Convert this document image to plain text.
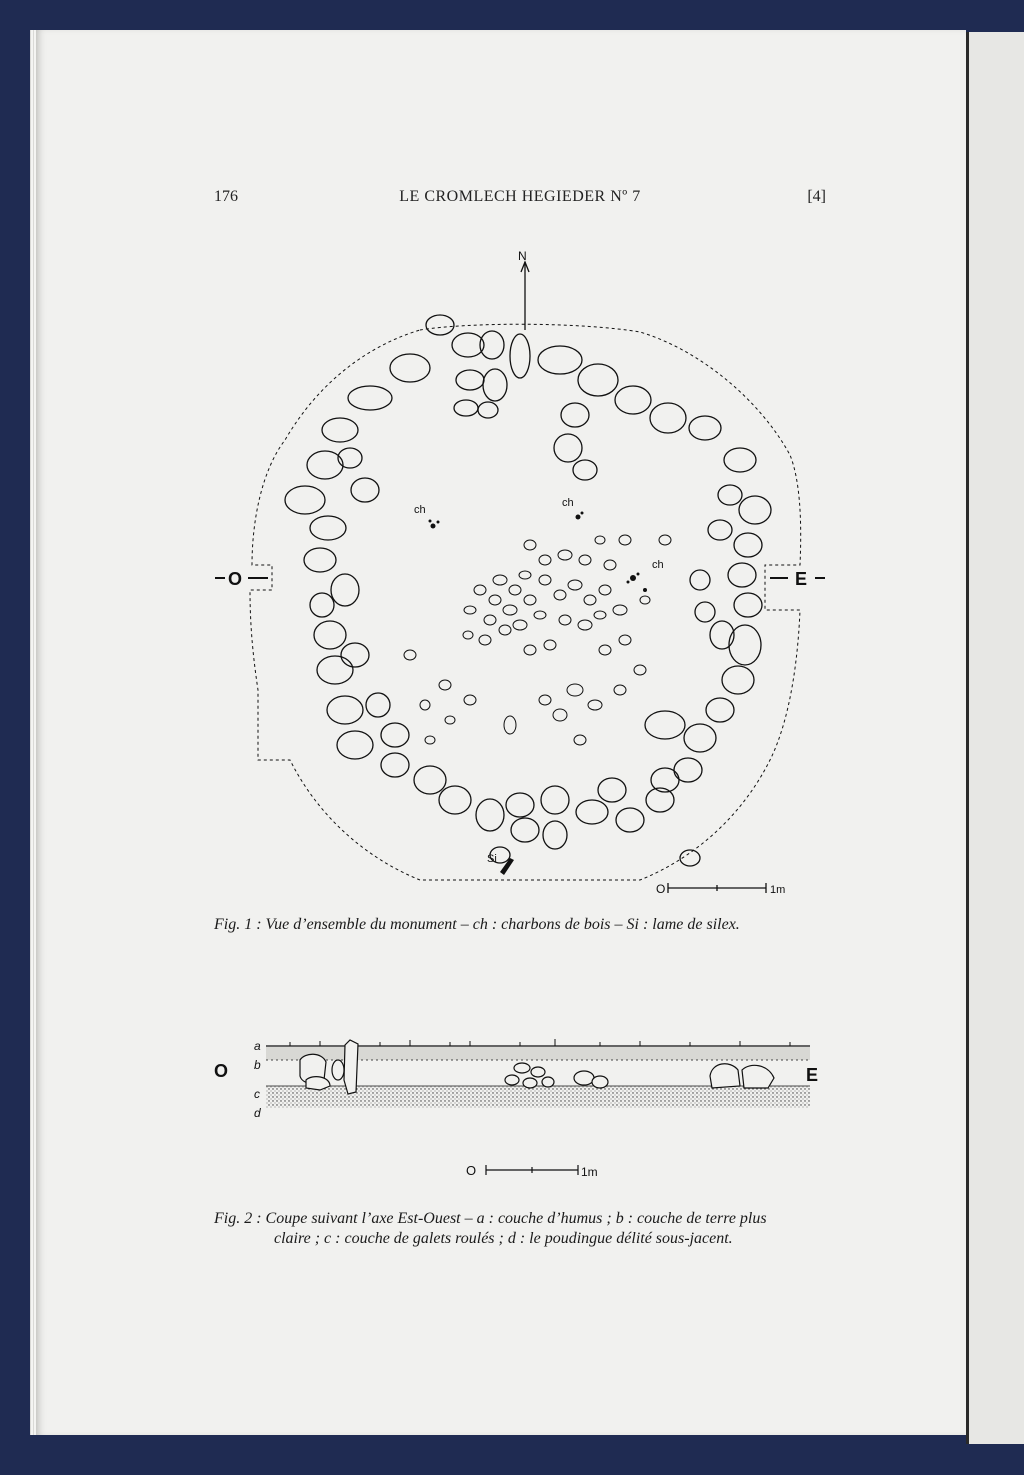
176	LE CROMLECH HEGIEDER Nº 7	[4]
N
O	E
ch
ch
ch
Si
O	1m
O	E
a
b
c
d
O	1m
Fig. 1 : Vue d’ensemble du monument – ch : charbons de bois – Si : lame de silex.
Fig. 2 : Coupe suivant l’axe Est-Ouest – a : couche d’humus ; b : couche de terre plus
claire ; c : couche de galets roulés ; d : le poudingue délité sous-jacent.
